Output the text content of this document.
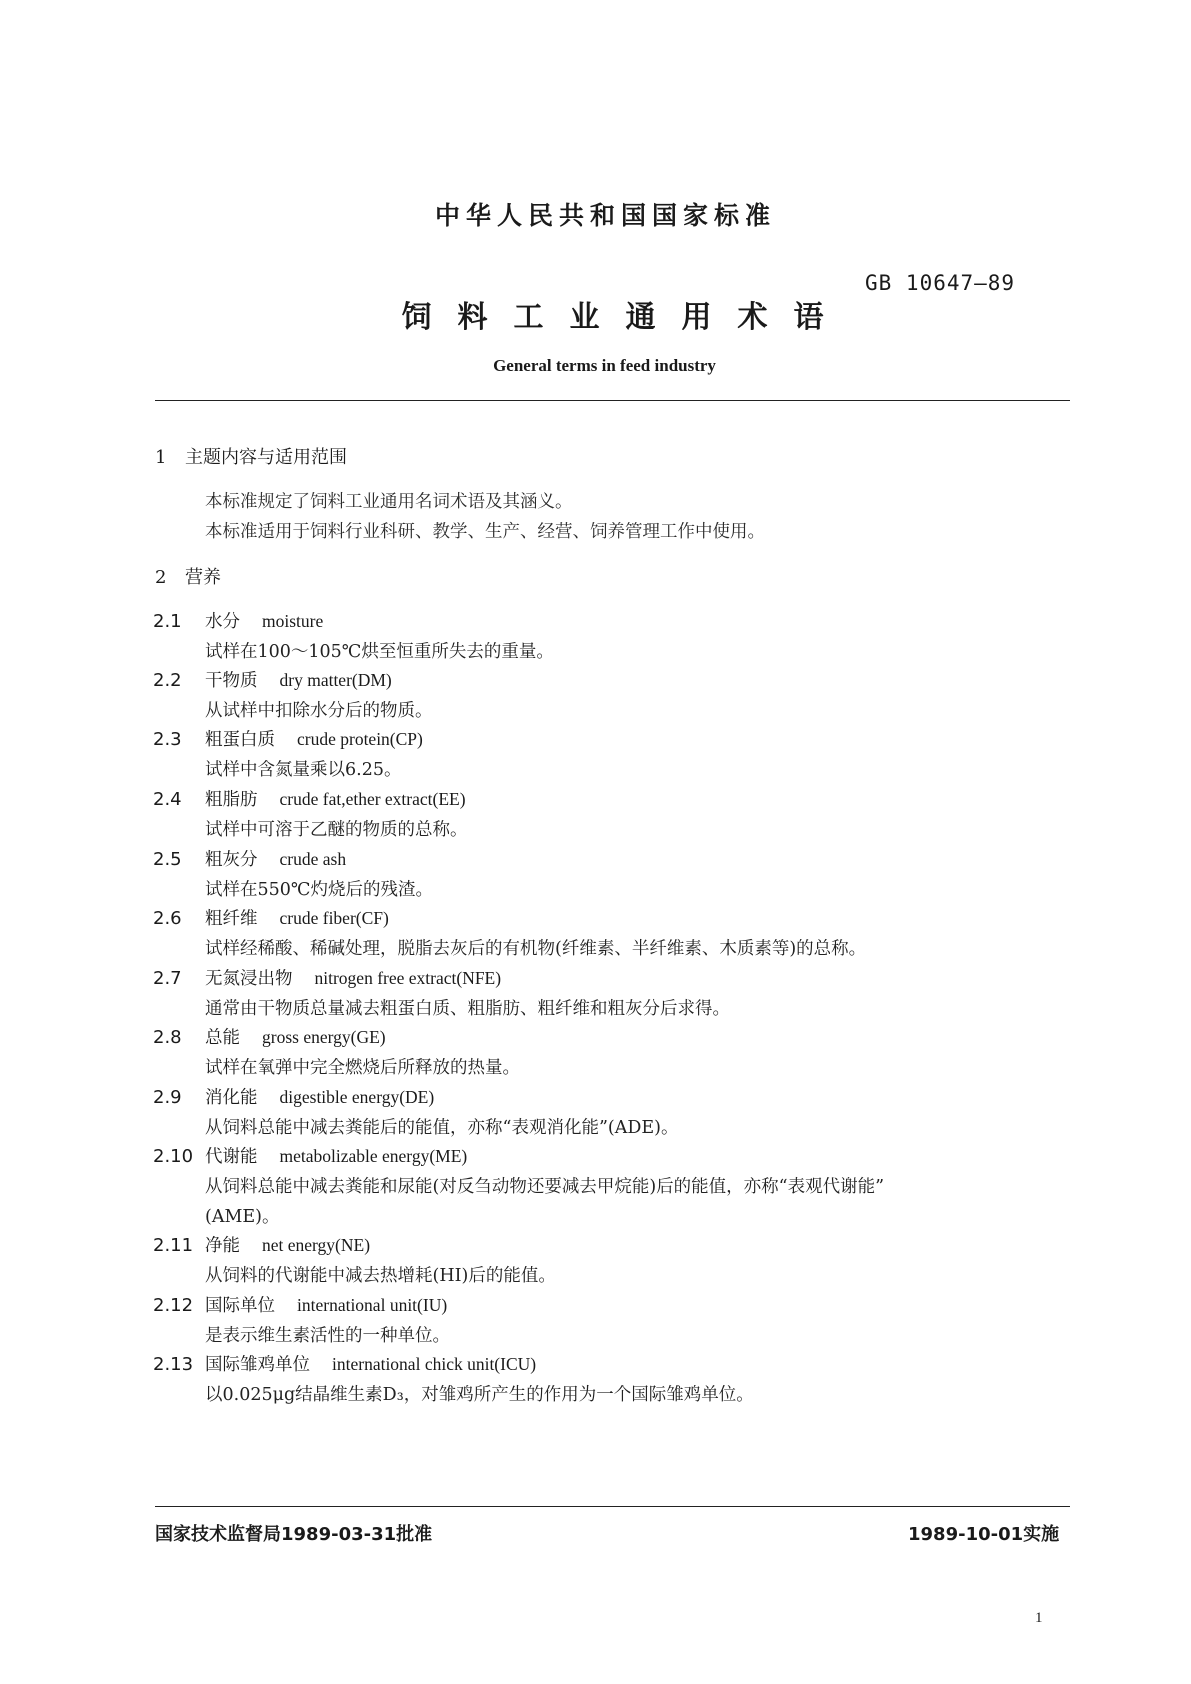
中华人民共和国国家标准
GB 10647—89
饲料工业通用术语
General terms in feed industry
1 主题内容与适用范围
本标准规定了饲料工业通用名词术语及其涵义。
本标准适用于饲料行业科研、教学、生产、经营、饲养管理工作中使用。
2 营养
2.1 水分 moisture
试样在100～105℃烘至恒重所失去的重量。
2.2 干物质 dry matter(DM)
从试样中扣除水分后的物质。
2.3 粗蛋白质 crude protein(CP)
试样中含氮量乘以6.25。
2.4 粗脂肪 crude fat,ether extract(EE)
试样中可溶于乙醚的物质的总称。
2.5 粗灰分 crude ash
试样在550℃灼烧后的残渣。
2.6 粗纤维 crude fiber(CF)
试样经稀酸、稀碱处理，脱脂去灰后的有机物(纤维素、半纤维素、木质素等)的总称。
2.7 无氮浸出物 nitrogen free extract(NFE)
通常由干物质总量减去粗蛋白质、粗脂肪、粗纤维和粗灰分后求得。
2.8 总能 gross energy(GE)
试样在氧弹中完全燃烧后所释放的热量。
2.9 消化能 digestible energy(DE)
从饲料总能中减去粪能后的能值，亦称“表观消化能”(ADE)。
2.10 代谢能 metabolizable energy(ME)
从饲料总能中减去粪能和尿能(对反刍动物还要减去甲烷能)后的能值，亦称“表观代谢能”
(AME)。
2.11 净能 net energy(NE)
从饲料的代谢能中减去热增耗(HI)后的能值。
2.12 国际单位 international unit(IU)
是表示维生素活性的一种单位。
2.13 国际雏鸡单位 international chick unit(ICU)
以0.025μg结晶维生素D₃，对雏鸡所产生的作用为一个国际雏鸡单位。
国家技术监督局1989-03-31批准	1989-10-01实施
1
